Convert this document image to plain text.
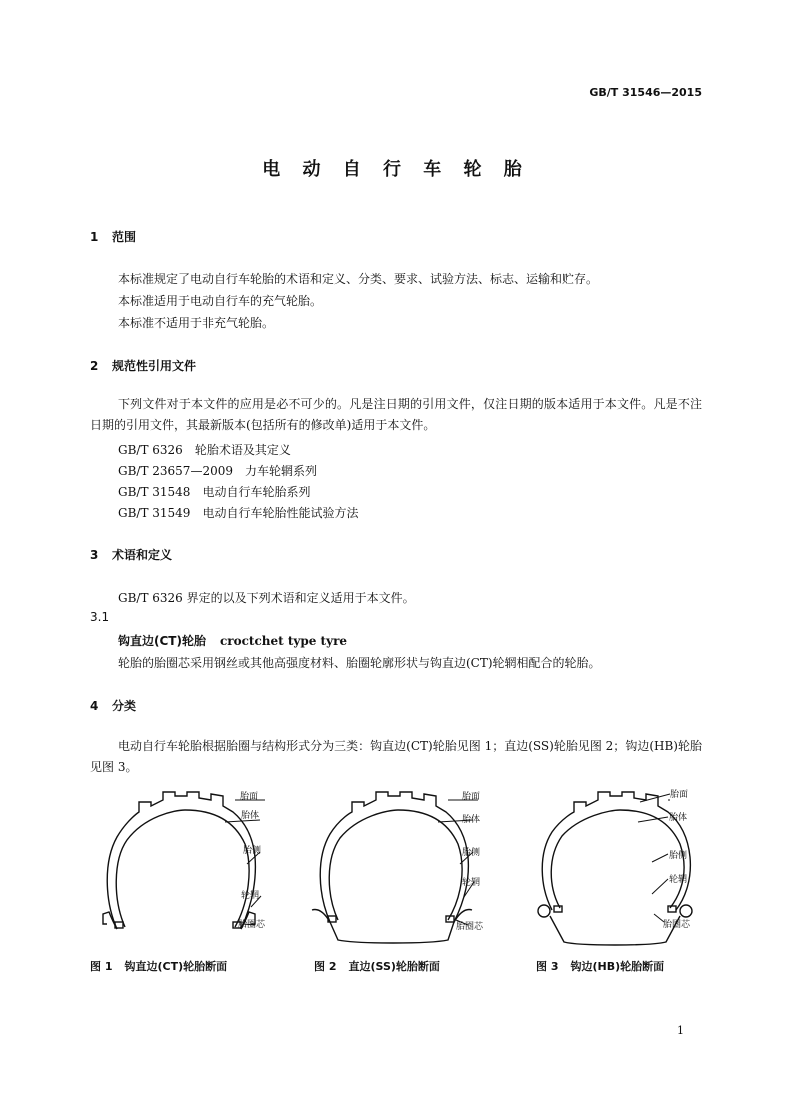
GB/T 31546—2015
电 动 自 行 车 轮 胎
1 范围
本标准规定了电动自行车轮胎的术语和定义、分类、要求、试验方法、标志、运输和贮存。
本标准适用于电动自行车的充气轮胎。
本标准不适用于非充气轮胎。
2 规范性引用文件
下列文件对于本文件的应用是必不可少的。凡是注日期的引用文件，仅注日期的版本适用于本文件。凡是不注日期的引用文件，其最新版本(包括所有的修改单)适用于本文件。
GB/T 6326 轮胎术语及其定义
GB/T 23657—2009 力车轮辋系列
GB/T 31548 电动自行车轮胎系列
GB/T 31549 电动自行车轮胎性能试验方法
3 术语和定义
GB/T 6326 界定的以及下列术语和定义适用于本文件。
3.1
钩直边(CT)轮胎 croctchet type tyre
轮胎的胎圈芯采用钢丝或其他高强度材料、胎圈轮廓形状与钩直边(CT)轮辋相配合的轮胎。
4 分类
电动自行车轮胎根据胎圈与结构形式分为三类：钩直边(CT)轮胎见图 1；直边(SS)轮胎见图 2；钩边(HB)轮胎见图 3。
胎面
胎体
胎侧
轮辋
胎圈芯
胎面
胎体
胎侧
轮辋
胎圈芯
胎面
胎体
胎侧
轮辋
胎圈芯
图 1 钩直边(CT)轮胎断面	图 2 直边(SS)轮胎断面	图 3 钩边(HB)轮胎断面
1
